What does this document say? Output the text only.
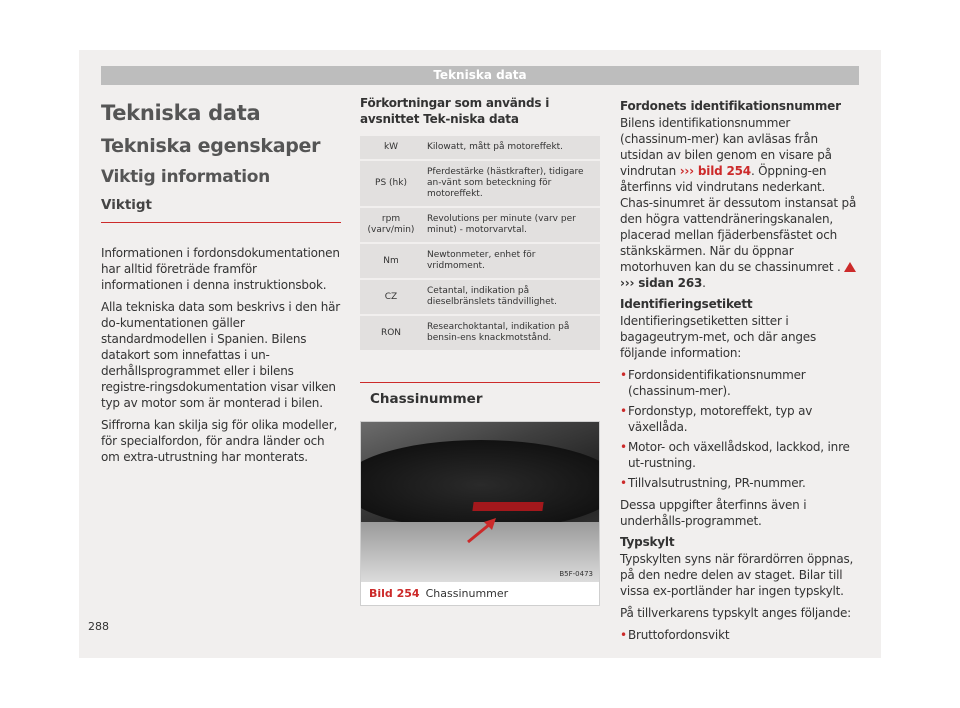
Tekniska data
Tekniska data
Tekniska egenskaper
Viktig information
Viktigt

Informationen i fordonsdokumentationen har alltid företräde framför informationen i denna instruktionsbok.

Alla tekniska data som beskrivs i den här do-kumentationen gäller standardmodellen i Spanien. Bilens datakort som innefattas i un-derhållsprogrammet eller i bilens registre-ringsdokumentation visar vilken typ av motor som är monterad i bilen.

Siffrorna kan skilja sig för olika modeller, för specialfordon, för andra länder och om extra-utrustning har monterats.

Förkortningar som används i avsnittet Tek-niska data
kW	Kilowatt, mått på motoreffekt.
PS (hk)	Pferdestärke (hästkrafter), tidigare an-vänt som beteckning för motoreffekt.
rpm (varv/min)	Revolutions per minute (varv per minut) - motorvarvtal.
Nm	Newtonmeter, enhet för vridmoment.
CZ	Cetantal, indikation på dieselbränslets tändvillighet.
RON	Researchoktantal, indikation på bensin-ens knackmotstånd.
Chassinummer
B5F-0473
Bild 254 Chassinummer
Fordonets identifikationsnummer

Bilens identifikationsnummer (chassinum-mer) kan avläsas från utsidan av bilen genom en visare på vindrutan ››› bild 254. Öppning-en återfinns vid vindrutans nederkant. Chas-sinumret är dessutom instansat på den högra vattendräneringskanalen, placerad mellan fjäderbensfästet och stänkskärmen. När du öppnar motorhuven kan du se chassinumret . ››› sidan 263.

Identifieringsetikett

Identifieringsetiketten sitter i bagageutrym-met, och där anges följande information:

• Fordonsidentifikationsnummer (chassinum-mer).
• Fordonstyp, motoreffekt, typ av växellåda.
• Motor- och växellådskod, lackkod, inre ut-rustning.
• Tillvalsutrustning, PR-nummer.

Dessa uppgifter återfinns även i underhålls-programmet.

Typskylt

Typskylten syns när förardörren öppnas, på den nedre delen av staget. Bilar till vissa ex-portländer har ingen typskylt.

På tillverkarens typskylt anges följande:

• Bruttofordonsvikt
288
